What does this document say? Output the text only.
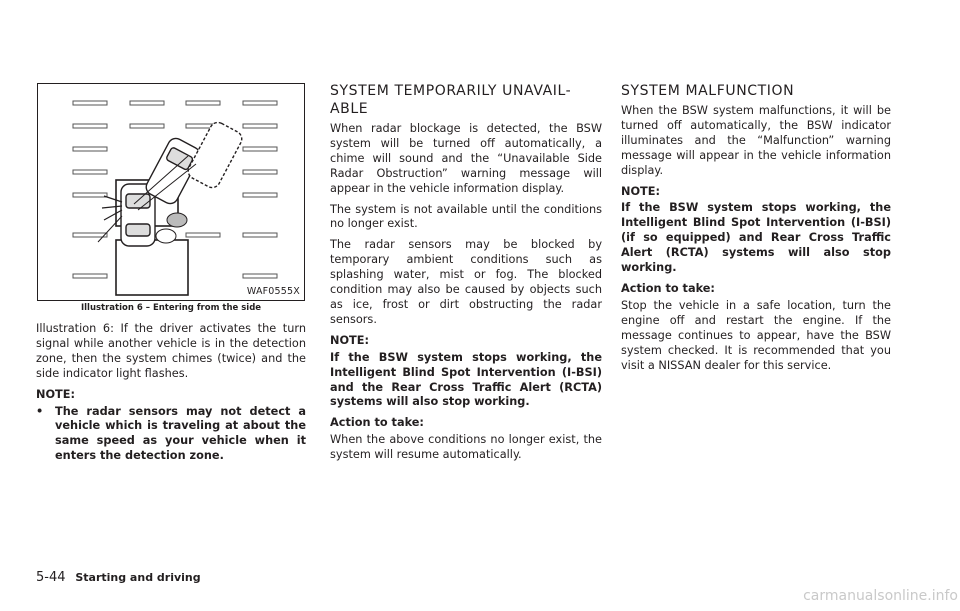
WAF0555X
Illustration 6 – Entering from the side

Illustration 6: If the driver activates the turn signal while another vehicle is in the detection zone, then the system chimes (twice) and the side indicator light flashes.

NOTE:
•	The radar sensors may not detect a vehicle which is traveling at about the same speed as your vehicle when it enters the detection zone.
SYSTEM TEMPORARILY UNAVAIL-ABLE

When radar blockage is detected, the BSW system will be turned off automatically, a chime will sound and the “Unavailable Side Radar Obstruction” warning message will appear in the vehicle information display.

The system is not available until the conditions no longer exist.

The radar sensors may be blocked by temporary ambient conditions such as splashing water, mist or fog. The blocked condition may also be caused by objects such as ice, frost or dirt obstructing the radar sensors.

NOTE:

If the BSW system stops working, the Intelligent Blind Spot Intervention (I-BSI) and the Rear Cross Traffic Alert (RCTA) systems will also stop working.

Action to take:

When the above conditions no longer exist, the system will resume automatically.

SYSTEM MALFUNCTION

When the BSW system malfunctions, it will be turned off automatically, the BSW indicator illuminates and the “Malfunction” warning message will appear in the vehicle information display.

NOTE:

If the BSW system stops working, the Intelligent Blind Spot Intervention (I-BSI) (if so equipped) and Rear Cross Traffic Alert (RCTA) systems will also stop working.

Action to take:

Stop the vehicle in a safe location, turn the engine off and restart the engine. If the message continues to appear, have the BSW system checked. It is recommended that you visit a NISSAN dealer for this service.

5-44 Starting and driving
carmanualsonline.info
